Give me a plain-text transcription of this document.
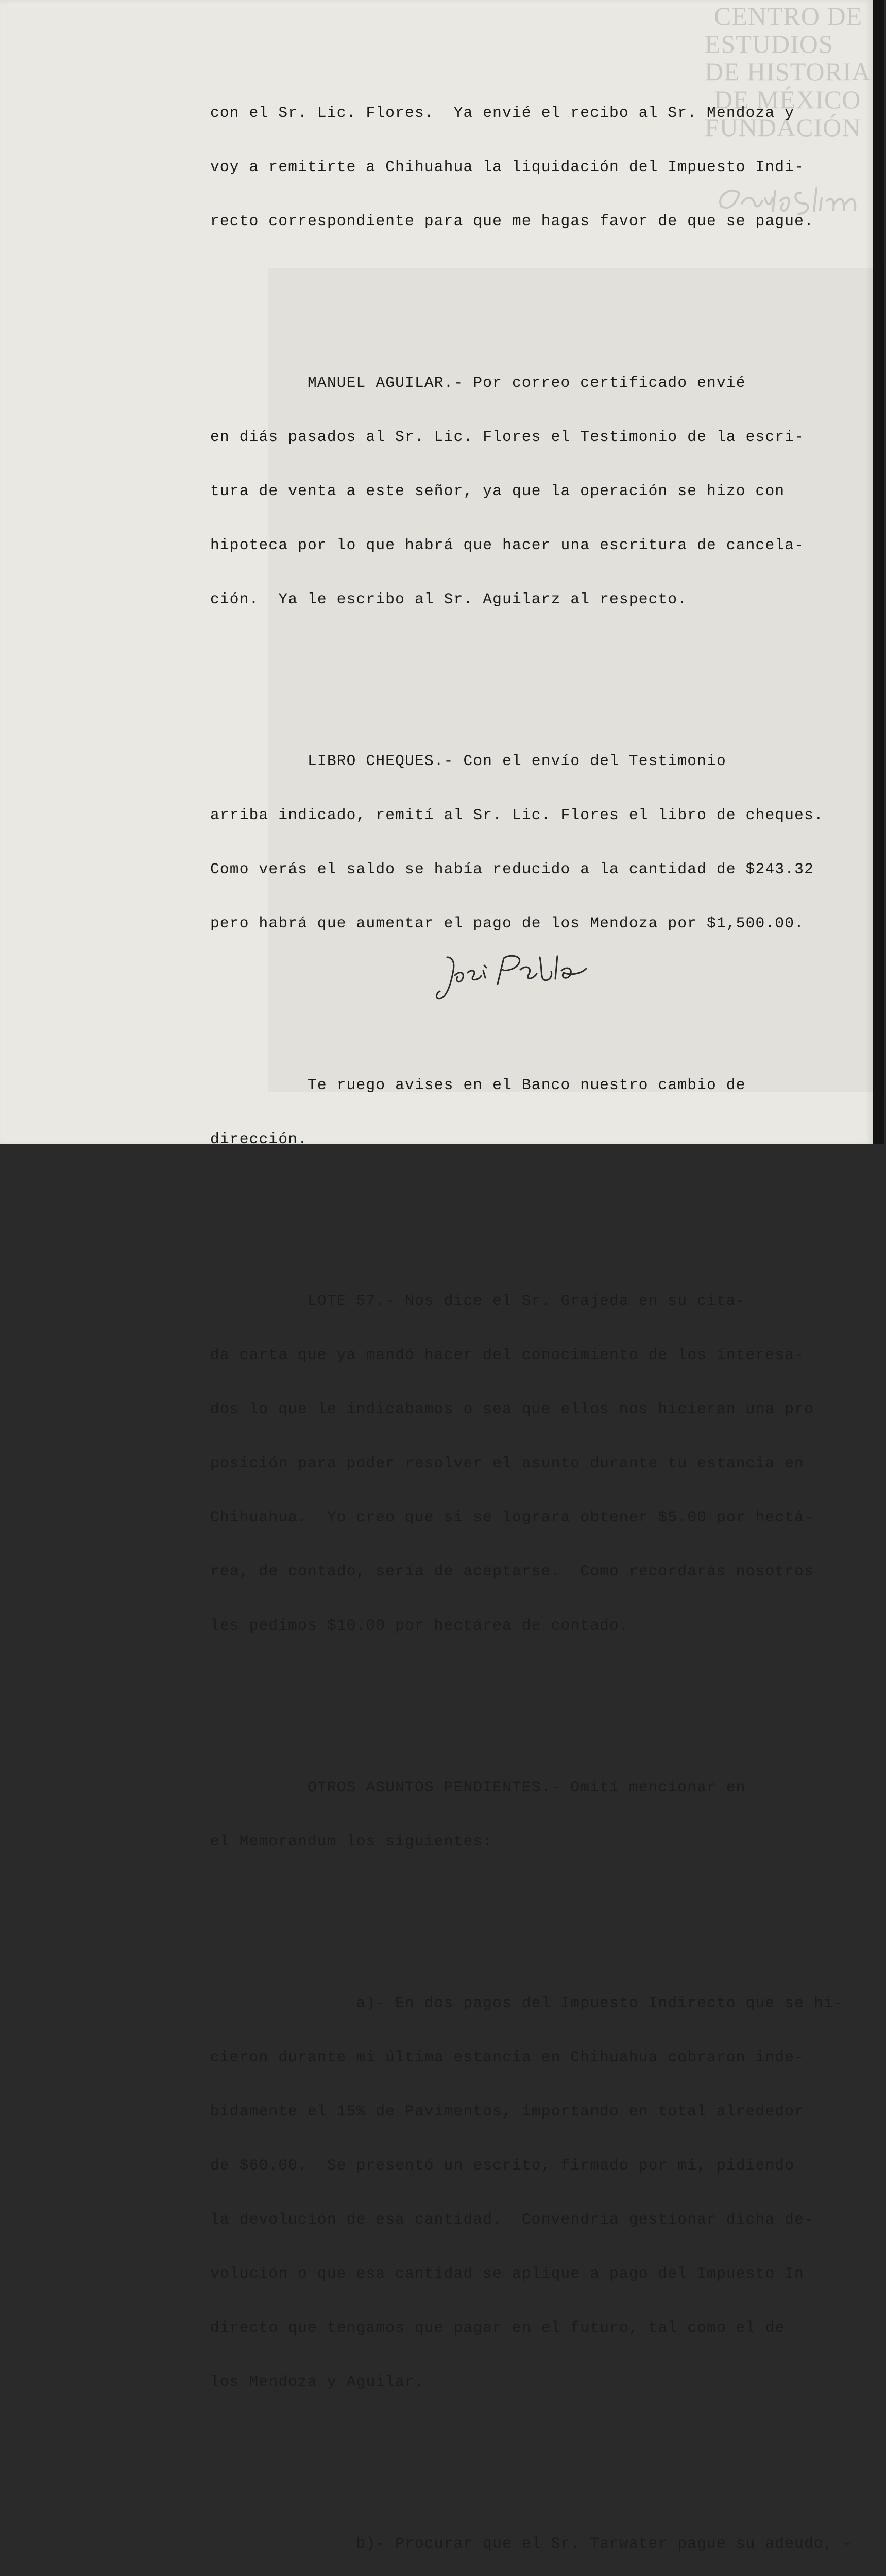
CENTRO DE
ESTUDIOS
DE HISTORIA
DE MÉXICO
FUNDACIÓN

con el Sr. Lic. Flores.  Ya envié el recibo al Sr. Mendoza y

voy a remitirte a Chihuahua la liquidación del Impuesto Indi-

recto correspondiente para que me hagas favor de que se pague.

MANUEL AGUILAR.- Por correo certificado envié

en diás pasados al Sr. Lic. Flores el Testimonio de la escri-

tura de venta a este señor, ya que la operación se hizo con

hipoteca por lo que habrá que hacer una escritura de cancela-

ción.  Ya le escribo al Sr. Aguilarz al respecto.

LIBRO CHEQUES.- Con el envío del Testimonio

arriba indicado, remití al Sr. Lic. Flores el libro de cheques.

Como verás el saldo se había reducido a la cantidad de $243.32

pero habrá que aumentar el pago de los Mendoza por $1,500.00.

Te ruego avises en el Banco nuestro cambio de

dirección.

LOTE 57.- Nos dice el Sr. Grajeda en su cita-

da carta que ya mandó hacer del conocimiento de los interesa-

dos lo que le indicabamos o sea que ellos nos hicieran una pro

posición para poder resolver el asunto durante tu estancia en

Chihuahua.  Yo creo que si se lograra obtener $5.00 por hectá-

rea, de contado, sería de aceptarse.  Como recordarás nosotros

les pedimos $10.00 por hectárea de contado.

OTROS ASUNTOS PENDIENTES.- Omití mencionar en

el Memorandum los siguientes:

a)- En dos pagos del Impuesto Indirecto que se hi-

cieron durante mi última estancia en Chihuahua cobraron inde-

bidamente el 15% de Pavimentos, importando en total alrededor

de $60.00.  Se presentó un escrito, firmado por mi, pidiendo

la devolución de esa cantidad.  Convendría gestionar dicha de-

volución o que esa cantidad se aplique a pago del Impuesto In

directo que tengamos que pagar en el futuro, tal como el de

los Mendoza y Aguilar.

b)- Procurar que el Sr. Tarwater pague su adeudo, -
